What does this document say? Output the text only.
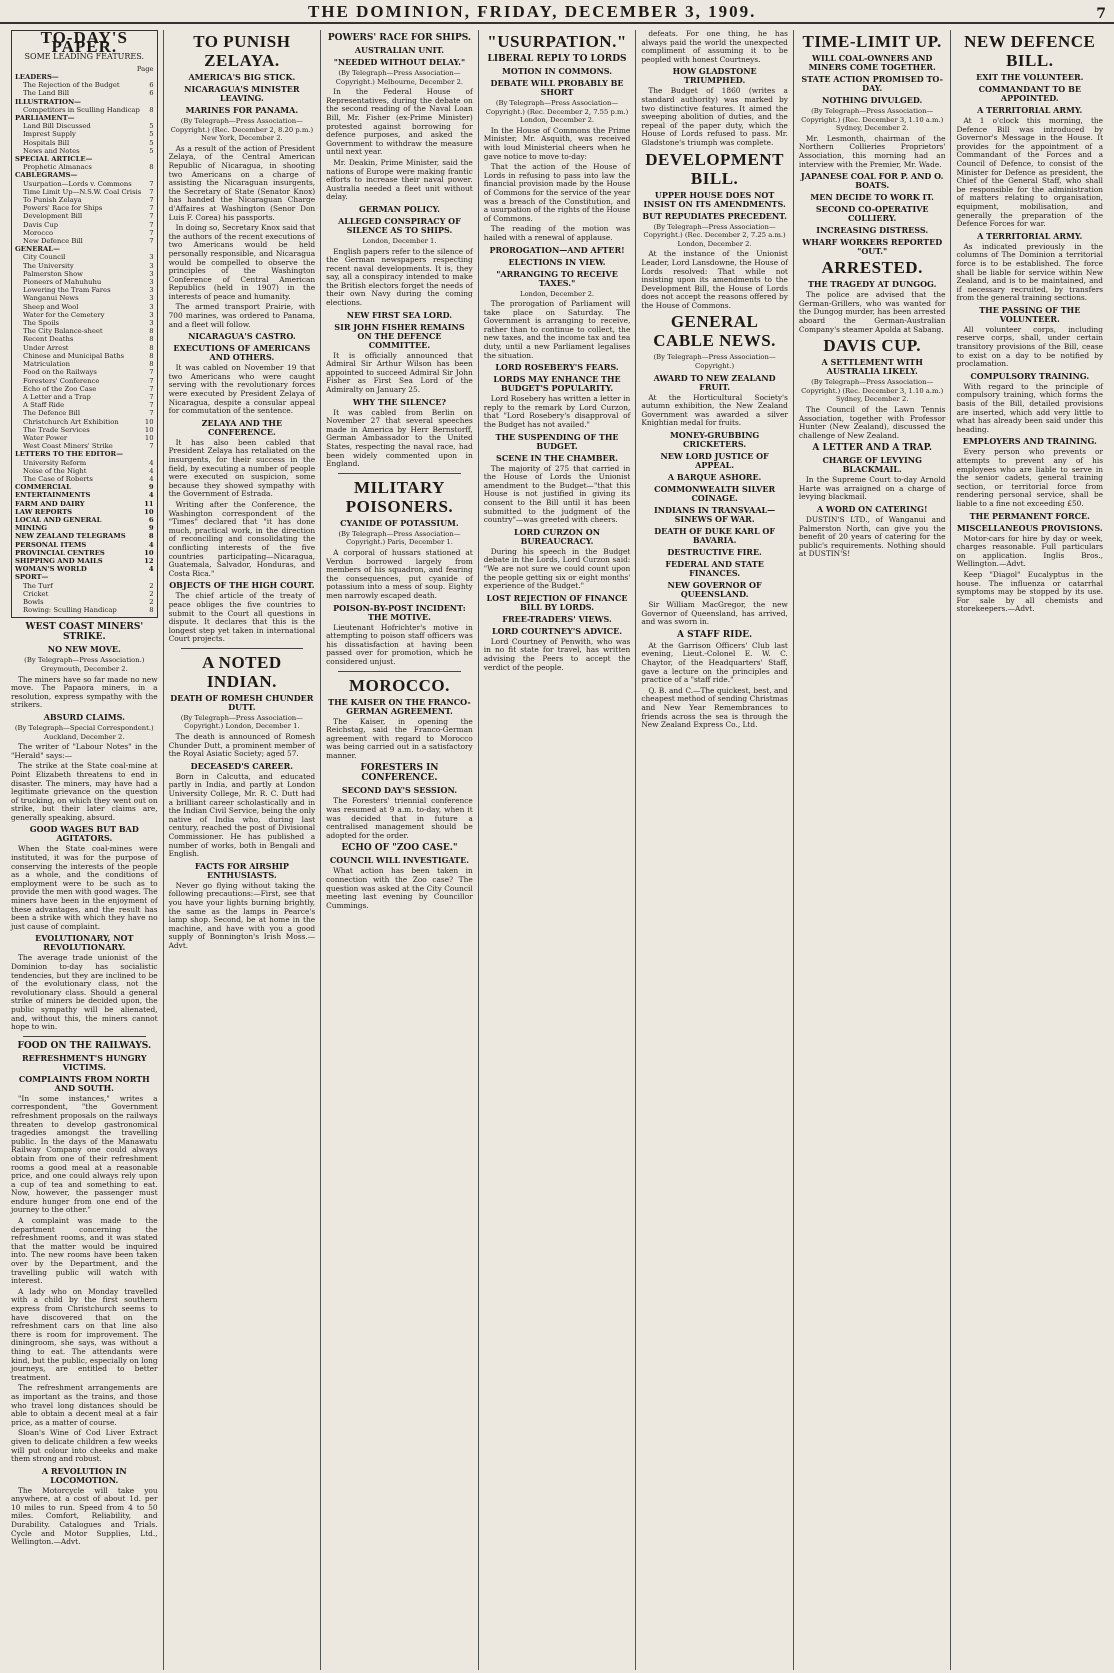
THE DOMINION, FRIDAY, DECEMBER 3, 1909.	7
TO-DAY'S PAPER.
SOME LEADING FEATURES.
Page
LEADERS—
The Rejection of the Budget	6
The Land Bill	6
ILLUSTRATION—
Competitors in Sculling Handicap 8
PARLIAMENT—
Land Bill Discussed	5
Imprest Supply	5
Hospitals Bill	5
News and Notes	5
SPECIAL ARTICLE—
Prophetic Almanacs	8
CABLEGRAMS—
Usurpation—Lords v. Commons	7
Time Limit Up—N.S.W. Coal Crisis 7
To Punish Zelaya	7
Powers' Race for Ships	7
Development Bill	7
Davis Cup	7
Morocco	7
New Defence Bill	7
GENERAL—
City Council	3
The University	3
Palmerston Show	3
Pioneers of Mahuhuhu	3
Lowering the Tram Fares	3
Wanganui News	3
Sheep and Wool	3
Water for the Cemetery	3
The Spoils	3
The City Balance-sheet	8
Recent Deaths	8
Under Arrest	8
Chinese and Municipal Baths	8
Matriculation	8
Food on the Railways	7
Foresters' Conference	7
Echo of the Zoo Case	7
A Letter and a Trap	7
A Staff Ride	7
The Defence Bill	7
Christchurch Art Exhibition	10
The Trade Services	10
Water Power	10
West Coast Miners' Strike	7
LETTERS TO THE EDITOR—
University Reform	4
Noise of the Night	4
The Case of Roberts	4
COMMERCIAL	9
ENTERTAINMENTS	4
FARM AND DAIRY	11
LAW REPORTS	10
LOCAL AND GENERAL	6
MINING	9
NEW ZEALAND TELEGRAMS	8
PERSONAL ITEMS	4
PROVINCIAL CENTRES	10
SHIPPING AND MAILS	12
WOMAN'S WORLD	4
SPORT—
The Turf	2
Cricket	2
Bowls	2
Rowing: Sculling Handicap	8
WEST COAST MINERS' STRIKE.
NO NEW MOVE.
(By Telegraph—Press Association.) Greymouth, December 2.

The miners have so far made no new move. The Papaora miners, in a resolution, express sympathy with the strikers.

ABSURD CLAIMS.
(By Telegraph—Special Correspondent.) Auckland, December 2.

The writer of "Labour Notes" in the "Herald" says:—

The strike at the State coal-mine at Point Elizabeth threatens to end in disaster. The miners, may have had a legitimate grievance on the question of trucking, on which they went out on strike, but their later claims are, generally speaking, absurd.

GOOD WAGES BUT BAD AGITATORS.

When the State coal-mines were instituted, it was for the purpose of conserving the interests of the people as a whole, and the conditions of employment were to be such as to provide the men with good wages. The miners have been in the enjoyment of these advantages, and the result has been a strike with which they have no just cause of complaint.

EVOLUTIONARY, NOT REVOLUTIONARY.

The average trade unionist of the Dominion to-day has socialistic tendencies, but they are inclined to be of the evolutionary class, not the revolutionary class. Should a general strike of miners be decided upon, the public sympathy will be alienated, and, without this, the miners cannot hope to win.

FOOD ON THE RAILWAYS.
REFRESHMENT'S HUNGRY VICTIMS.
COMPLAINTS FROM NORTH AND SOUTH.

"In some instances," writes a correspondent, "the Government refreshment proposals on the railways threaten to develop gastronomical tragedies amongst the travelling public. In the days of the Manawatu Railway Company one could always obtain from one of their refreshment rooms a good meal at a reasonable price, and one could always rely upon a cup of tea and something to eat. Now, however, the passenger must endure hunger from one end of the journey to the other."

A complaint was made to the department concerning the refreshment rooms, and it was stated that the matter would be inquired into. The new rooms have been taken over by the Department, and the travelling public will watch with interest.

A lady who on Monday travelled with a child by the first southern express from Christchurch seems to have discovered that on the refreshment cars on that line also there is room for improvement. The diningroom, she says, was without a thing to eat. The attendants were kind, but the public, especially on long journeys, are entitled to better treatment.

The refreshment arrangements are as important as the trains, and those who travel long distances should be able to obtain a decent meal at a fair price, as a matter of course.

Sloan's Wine of Cod Liver Extract given to delicate children a few weeks will put colour into cheeks and make them strong and robust.

A REVOLUTION IN LOCOMOTION.

The Motorcycle will take you anywhere, at a cost of about 1d. per 10 miles to run. Speed from 4 to 50 miles. Comfort, Reliability, and Durability. Catalogues and Trials. Cycle and Motor Supplies, Ltd., Wellington.—Advt.

TO PUNISH ZELAYA.
AMERICA'S BIG STICK.
NICARAGUA'S MINISTER LEAVING.
MARINES FOR PANAMA.
(By Telegraph—Press Association—Copyright.) (Rec. December 2, 8.20 p.m.) New York, December 2.

As a result of the action of President Zelaya, of the Central American Republic of Nicaragua, in shooting two Americans on a charge of assisting the Nicaraguan insurgents, the Secretary of State (Senator Knox) has handed the Nicaraguan Charge d'Affaires at Washington (Senor Don Luis F. Corea) his passports.

In doing so, Secretary Knox said that the authors of the recent executions of two Americans would be held personally responsible, and Nicaragua would be compelled to observe the principles of the Washington Conference of Central American Republics (held in 1907) in the interests of peace and humanity.

The armed transport Prairie, with 700 marines, was ordered to Panama, and a fleet will follow.

NICARAGUA'S CASTRO.
EXECUTIONS OF AMERICANS AND OTHERS.

It was cabled on November 19 that two Americans who were caught serving with the revolutionary forces were executed by President Zelaya of Nicaragua, despite a consular appeal for commutation of the sentence.

ZELAYA AND THE CONFERENCE.

It has also been cabled that President Zelaya has retaliated on the insurgents, for their success in the field, by executing a number of people were executed on suspicion, some because they showed sympathy with the Government of Estrada.

Writing after the Conference, the Washington correspondent of the "Times" declared that "it has done much, practical work, in the direction of reconciling and consolidating the conflicting interests of the five countries participating—Nicaragua, Guatemala, Salvador, Honduras, and Costa Rica."

OBJECTS OF THE HIGH COURT.

The chief article of the treaty of peace obliges the five countries to submit to the Court all questions in dispute. It declares that this is the longest step yet taken in international Court projects.

A NOTED INDIAN.
DEATH OF ROMESH CHUNDER DUTT.
(By Telegraph—Press Association—Copyright.) London, December 1.

The death is announced of Romesh Chunder Dutt, a prominent member of the Royal Asiatic Society; aged 57.

DECEASED'S CAREER.

Born in Calcutta, and educated partly in India, and partly at London University College, Mr. R. C. Dutt had a brilliant career scholastically and in the Indian Civil Service, being the only native of India who, during last century, reached the post of Divisional Commissioner. He has published a number of works, both in Bengali and English.

FACTS FOR AIRSHIP ENTHUSIASTS.

Never go flying without taking the following precautions:—First, see that you have your lights burning brightly, the same as the lamps in Pearce's lamp shop. Second, be at home in the machine, and have with you a good supply of Bonnington's Irish Moss.—Advt.

POWERS' RACE FOR SHIPS.
AUSTRALIAN UNIT.
"NEEDED WITHOUT DELAY."
(By Telegraph—Press Association—Copyright.) Melbourne, December 2.

In the Federal House of Representatives, during the debate on the second reading of the Naval Loan Bill, Mr. Fisher (ex-Prime Minister) protested against borrowing for defence purposes, and asked the Government to withdraw the measure until next year.

Mr. Deakin, Prime Minister, said the nations of Europe were making frantic efforts to increase their naval power. Australia needed a fleet unit without delay.

GERMAN POLICY.
ALLEGED CONSPIRACY OF SILENCE AS TO SHIPS.
London, December 1.

English papers refer to the silence of the German newspapers respecting recent naval developments. It is, they say, all a conspiracy intended to make the British electors forget the needs of their own Navy during the coming elections.

NEW FIRST SEA LORD.
SIR JOHN FISHER REMAINS ON THE DEFENCE COMMITTEE.

It is officially announced that Admiral Sir Arthur Wilson has been appointed to succeed Admiral Sir John Fisher as First Sea Lord of the Admiralty on January 25.

WHY THE SILENCE?

It was cabled from Berlin on November 27 that several speeches made in America by Herr Bernstorff, German Ambassador to the United States, respecting the naval race, had been widely commented upon in England.

MILITARY POISONERS.
CYANIDE OF POTASSIUM.
(By Telegraph—Press Association—Copyright.) Paris, December 1.

A corporal of hussars stationed at Verdun borrowed largely from members of his squadron, and fearing the consequences, put cyanide of potassium into a mess of soup. Eighty men narrowly escaped death.

POISON-BY-POST INCIDENT: THE MOTIVE.

Lieutenant Hofrichter's motive in attempting to poison staff officers was his dissatisfaction at having been passed over for promotion, which he considered unjust.

MOROCCO.
THE KAISER ON THE FRANCO-GERMAN AGREEMENT.

The Kaiser, in opening the Reichstag, said the Franco-German agreement with regard to Morocco was being carried out in a satisfactory manner.

FORESTERS IN CONFERENCE.
SECOND DAY'S SESSION.

The Foresters' triennial conference was resumed at 9 a.m. to-day, when it was decided that in future a centralised management should be adopted for the order.

ECHO OF "ZOO CASE."
COUNCIL WILL INVESTIGATE.

What action has been taken in connection with the Zoo case? The question was asked at the City Council meeting last evening by Councillor Cummings.

"USURPATION."
LIBERAL REPLY TO LORDS
MOTION IN COMMONS.
DEBATE WILL PROBABLY BE SHORT
(By Telegraph—Press Association—Copyright.) (Rec. December 2, 7.55 p.m.) London, December 2.

In the House of Commons the Prime Minister, Mr. Asquith, was received with loud Ministerial cheers when he gave notice to move to-day:

That the action of the House of Lords in refusing to pass into law the financial provision made by the House of Commons for the service of the year was a breach of the Constitution, and a usurpation of the rights of the House of Commons.

The reading of the motion was hailed with a renewal of applause.

PROROGATION—AND AFTER!
ELECTIONS IN VIEW.
"ARRANGING TO RECEIVE TAXES."
London, December 2.

The prorogation of Parliament will take place on Saturday. The Government is arranging to receive, rather than to continue to collect, the new taxes, and the income tax and tea duty, until a new Parliament legalises the situation.

LORD ROSEBERY'S FEARS.
LORDS MAY ENHANCE THE BUDGET'S POPULARITY.

Lord Rosebery has written a letter in reply to the remark by Lord Curzon, that "Lord Rosebery's disapproval of the Budget has not availed."

THE SUSPENDING OF THE BUDGET.
SCENE IN THE CHAMBER.

The majority of 275 that carried in the House of Lords the Unionist amendment to the Budget—"that this House is not justified in giving its consent to the Bill until it has been submitted to the judgment of the country"—was greeted with cheers.

LORD CURZON ON BUREAUCRACY.

During his speech in the Budget debate in the Lords, Lord Curzon said: "We are not sure we could count upon the people getting six or eight months' experience of the Budget."

LOST REJECTION OF FINANCE BILL BY LORDS.
FREE-TRADERS' VIEWS.
LORD COURTNEY'S ADVICE.

Lord Courtney of Penwith, who was in no fit state for travel, has written advising the Peers to accept the verdict of the people.

defeats. For one thing, he has always paid the world the unexpected compliment of assuming it to be peopled with honest Courtneys.

HOW GLADSTONE TRIUMPHED.

The Budget of 1860 (writes a standard authority) was marked by two distinctive features. It aimed the sweeping abolition of duties, and the repeal of the paper duty, which the House of Lords refused to pass. Mr. Gladstone's triumph was complete.

DEVELOPMENT BILL.
UPPER HOUSE DOES NOT INSIST ON ITS AMENDMENTS.
BUT REPUDIATES PRECEDENT.
(By Telegraph—Press Association—Copyright.) (Rec. December 2, 7.25 a.m.) London, December 2.

At the instance of the Unionist Leader, Lord Lansdowne, the House of Lords resolved: That while not insisting upon its amendments to the Development Bill, the House of Lords does not accept the reasons offered by the House of Commons.

GENERAL CABLE NEWS.
(By Telegraph—Press Association—Copyright.)
AWARD TO NEW ZEALAND FRUIT.

At the Horticultural Society's autumn exhibition, the New Zealand Government was awarded a silver Knightian medal for fruits.

MONEY-GRUBBING CRICKETERS.
NEW LORD JUSTICE OF APPEAL.
A BARQUE ASHORE.
COMMONWEALTH SILVER COINAGE.
INDIANS IN TRANSVAAL—SINEWS OF WAR.
DEATH OF DUKE KARL OF BAVARIA.
DESTRUCTIVE FIRE.
FEDERAL AND STATE FINANCES.
NEW GOVERNOR OF QUEENSLAND.

Sir William MacGregor, the new Governor of Queensland, has arrived, and was sworn in.

A STAFF RIDE.

At the Garrison Officers' Club last evening, Lieut.-Colonel E. W. C. Chaytor, of the Headquarters' Staff, gave a lecture on the principles and practice of a "staff ride."

Q. B. and C.—The quickest, best, and cheapest method of sending Christmas and New Year Remembrances to friends across the sea is through the New Zealand Express Co., Ltd.

TIME-LIMIT UP.
WILL COAL-OWNERS AND MINERS COME TOGETHER.
STATE ACTION PROMISED TO-DAY.
NOTHING DIVULGED.
(By Telegraph—Press Association—Copyright.) (Rec. December 3, 1.10 a.m.) Sydney, December 2.

Mr. Lesmonth, chairman of the Northern Collieries Proprietors' Association, this morning had an interview with the Premier, Mr. Wade.

JAPANESE COAL FOR P. AND O. BOATS.
MEN DECIDE TO WORK IT.
SECOND CO-OPERATIVE COLLIERY.
INCREASING DISTRESS.
WHARF WORKERS REPORTED "OUT."
ARRESTED.
THE TRAGEDY AT DUNGOG.

The police are advised that the German-Grillers, who was wanted for the Dungog murder, has been arrested aboard the German-Australian Company's steamer Apolda at Sabang.

DAVIS CUP.
A SETTLEMENT WITH AUSTRALIA LIKELY.
(By Telegraph—Press Association—Copyright.) (Rec. December 3, 1.10 a.m.) Sydney, December 2.

The Council of the Lawn Tennis Association, together with Professor Hunter (New Zealand), discussed the challenge of New Zealand.

A LETTER AND A TRAP.
CHARGE OF LEVYING BLACKMAIL.

In the Supreme Court to-day Arnold Harte was arraigned on a charge of levying blackmail.

A WORD ON CATERING!

DUSTIN'S LTD., of Wanganui and Palmerston North, can give you the benefit of 20 years of catering for the public's requirements. Nothing should at DUSTIN'S!

NEW DEFENCE BILL.
EXIT THE VOLUNTEER.
COMMANDANT TO BE APPOINTED.
A TERRITORIAL ARMY.

At 1 o'clock this morning, the Defence Bill was introduced by Governor's Message in the House. It provides for the appointment of a Commandant of the Forces and a Council of Defence, to consist of the Minister for Defence as president, the Chief of the General Staff, who shall be responsible for the administration of matters relating to organisation, equipment, mobilisation, and generally the preparation of the Defence Forces for war.

A TERRITORIAL ARMY.

As indicated previously in the columns of The Dominion a territorial force is to be established. The force shall be liable for service within New Zealand, and is to be maintained, and if necessary recruited, by transfers from the general training sections.

THE PASSING OF THE VOLUNTEER.

All volunteer corps, including reserve corps, shall, under certain transitory provisions of the Bill, cease to exist on a day to be notified by proclamation.

COMPULSORY TRAINING.

With regard to the principle of compulsory training, which forms the basis of the Bill, detailed provisions are inserted, which add very little to what has already been said under this heading.

EMPLOYERS AND TRAINING.

Every person who prevents or attempts to prevent any of his employees who are liable to serve in the senior cadets, general training section, or territorial force from rendering personal service, shall be liable to a fine not exceeding £50.

THE PERMANENT FORCE.
MISCELLANEOUS PROVISIONS.

Motor-cars for hire by day or week, charges reasonable. Full particulars on application. Inglis Bros., Wellington.—Advt.

Keep "Diagol" Eucalyptus in the house. The influenza or catarrhal symptoms may be stopped by its use. For sale by all chemists and storekeepers.—Advt.
